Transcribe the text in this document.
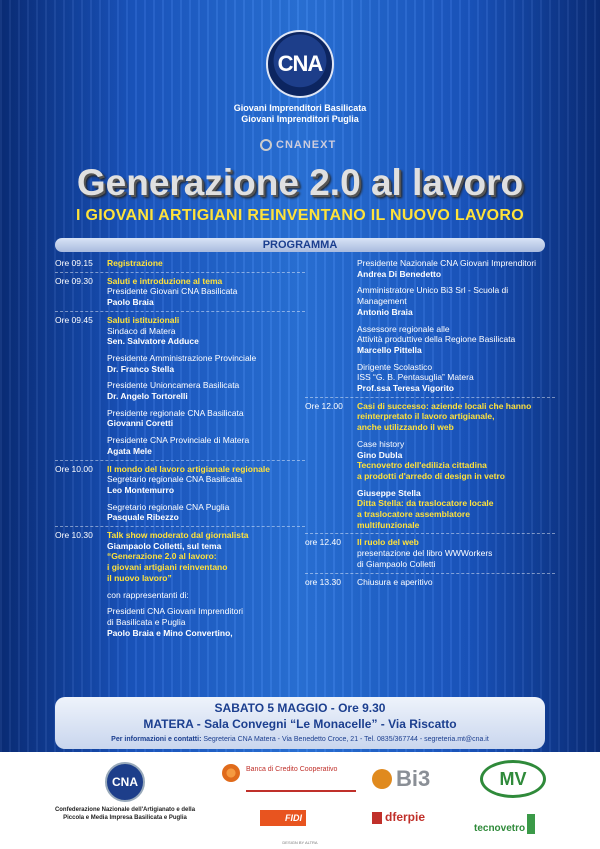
CNA
Giovani Imprenditori Basilicata
Giovani Imprenditori Puglia
CNANEXT
Generazione 2.0 al lavoro
I GIOVANI ARTIGIANI REINVENTANO IL NUOVO LAVORO
PROGRAMMA
Ore 09.15	Registrazione
Ore 09.30	Saluti e introduzione al tema
Presidente Giovani CNA Basilicata
Paolo Braia
Ore 09.45	Saluti istituzionali
Sindaco di Matera
Sen. Salvatore Adduce
Presidente Amministrazione Provinciale
Dr. Franco Stella
Presidente Unioncamera Basilicata
Dr. Angelo Tortorelli
Presidente regionale CNA Basilicata
Giovanni Coretti
Presidente CNA Provinciale di Matera
Agata Mele
Ore 10.00	Il mondo del lavoro artigianale regionale
Segretario regionale CNA Basilicata
Leo Montemurro
Segretario regionale CNA Puglia
Pasquale Ribezzo
Ore 10.30	Talk show moderato dal giornalista
Giampaolo Colletti, sul tema
“Generazione 2.0 al lavoro:
i giovani artigiani reinventano
il nuovo lavoro”
con rappresentanti di:
Presidenti CNA Giovani Imprenditori
di Basilicata e Puglia
Paolo Braia e Mino Convertino,
Presidente Nazionale CNA Giovani Imprenditori
Andrea Di Benedetto
Amministratore Unico Bi3 Srl - Scuola di Management
Antonio Braia
Assessore regionale alle
Attività produttive della Regione Basilicata
Marcello Pittella
Dirigente Scolastico
ISS “G. B. Pentasuglia” Matera
Prof.ssa Teresa Vigorito
Ore 12.00	Casi di successo: aziende locali che hanno
reinterpretato il lavoro artigianale,
anche utilizzando il web
Case history
Gino Dubla
Tecnovetro dell'edilizia cittadina
a prodotti d'arredo di design in vetro
Giuseppe Stella
Ditta Stella: da traslocatore locale
a traslocatore assemblatore
multifunzionale
ore 12.40	Il ruolo del web
presentazione del libro WWWorkers
di Giampaolo Colletti
ore 13.30	Chiusura e aperitivo
SABATO 5 MAGGIO - Ore 9.30
MATERA - Sala Convegni “Le Monacelle” - Via Riscatto
Per informazioni e contatti: Segreteria CNA Matera - Via Benedetto Croce, 21 - Tel. 0835/367744 - segreteria.mt@cna.it
CNA
Confederazione Nazionale dell'Artigianato e della Piccola e Media Impresa Basilicata e Puglia
Banca di Credito Cooperativo
FIDI
Bi3
dferpie
MV
tecnovetro
DESIGN BY ALTRA
